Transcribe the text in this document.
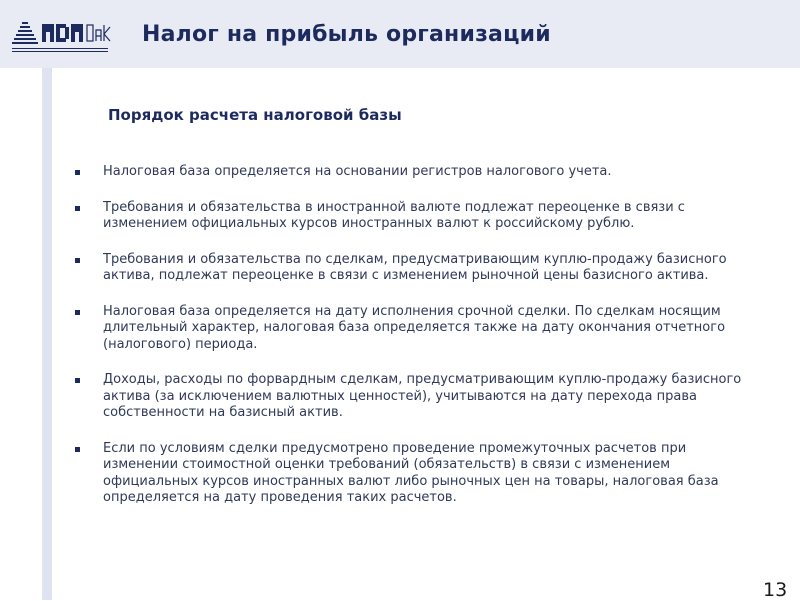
Налог на прибыль организаций
Порядок расчета налоговой базы
Налоговая база определяется на основании регистров налогового учета.
Требования и обязательства в иностранной валюте подлежат переоценке в связи с изменением официальных курсов иностранных валют к российскому рублю.
Требования и обязательства по сделкам, предусматривающим куплю-продажу базисного актива, подлежат переоценке в связи с изменением рыночной цены базисного актива.
Налоговая база определяется на дату исполнения срочной сделки. По сделкам носящим длительный характер, налоговая база определяется также на дату окончания отчетного (налогового) периода.
Доходы, расходы по форвардным сделкам, предусматривающим куплю-продажу базисного актива (за исключением валютных ценностей), учитываются на дату перехода права собственности на базисный актив.
Если по условиям сделки предусмотрено проведение промежуточных расчетов при изменении стоимостной оценки требований (обязательств) в связи с изменением официальных курсов иностранных валют либо рыночных цен на товары, налоговая база определяется на дату проведения таких расчетов.
13
